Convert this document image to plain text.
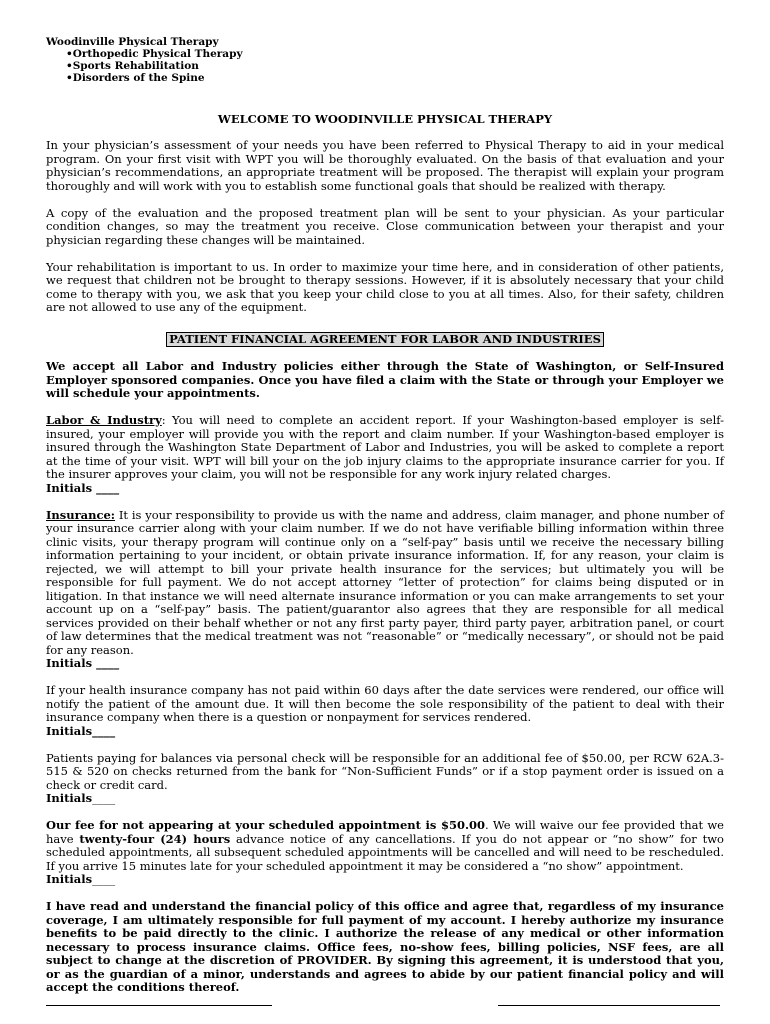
Woodinville Physical Therapy
•Orthopedic Physical Therapy
•Sports Rehabilitation
•Disorders of the Spine
WELCOME TO WOODINVILLE PHYSICAL THERAPY

In your physician’s assessment of your needs you have been referred to Physical Therapy to aid in your medical program. On your first visit with WPT you will be thoroughly evaluated. On the basis of that evaluation and your physician’s recommendations, an appropriate treatment will be proposed. The therapist will explain your program thoroughly and will work with you to establish some functional goals that should be realized with therapy.

A copy of the evaluation and the proposed treatment plan will be sent to your physician. As your particular condition changes, so may the treatment you receive. Close communication between your therapist and your physician regarding these changes will be maintained.

Your rehabilitation is important to us. In order to maximize your time here, and in consideration of other patients, we request that children not be brought to therapy sessions. However, if it is absolutely necessary that your child come to therapy with you, we ask that you keep your child close to you at all times. Also, for their safety, children are not allowed to use any of the equipment.

PATIENT FINANCIAL AGREEMENT FOR LABOR AND INDUSTRIES

We accept all Labor and Industry policies either through the State of Washington, or Self-Insured Employer sponsored companies. Once you have filed a claim with the State or through your Employer we will schedule your appointments.

Labor & Industry: You will need to complete an accident report. If your Washington-based employer is self-insured, your employer will provide you with the report and claim number. If your Washington-based employer is insured through the Washington State Department of Labor and Industries, you will be asked to complete a report at the time of your visit. WPT will bill your on the job injury claims to the appropriate insurance carrier for you. If the insurer approves your claim, you will not be responsible for any work injury related charges.
Initials ____

Insurance: It is your responsibility to provide us with the name and address, claim manager, and phone number of your insurance carrier along with your claim number. If we do not have verifiable billing information within three clinic visits, your therapy program will continue only on a “self-pay” basis until we receive the necessary billing information pertaining to your incident, or obtain private insurance information. If, for any reason, your claim is rejected, we will attempt to bill your private health insurance for the services; but ultimately you will be responsible for full payment. We do not accept attorney “letter of protection” for claims being disputed or in litigation. In that instance we will need alternate insurance information or you can make arrangements to set your account up on a “self-pay” basis. The patient/guarantor also agrees that they are responsible for all medical services provided on their behalf whether or not any first party payer, third party payer, arbitration panel, or court of law determines that the medical treatment was not “reasonable” or “medically necessary”, or should not be paid for any reason.
Initials ____

If your health insurance company has not paid within 60 days after the date services were rendered, our office will notify the patient of the amount due. It will then become the sole responsibility of the patient to deal with their insurance company when there is a question or nonpayment for services rendered.
Initials____

Patients paying for balances via personal check will be responsible for an additional fee of $50.00, per RCW 62A.3-515 & 520 on checks returned from the bank for “Non-Sufficient Funds” or if a stop payment order is issued on a check or credit card.
Initials____

Our fee for not appearing at your scheduled appointment is $50.00. We will waive our fee provided that we have twenty-four (24) hours advance notice of any cancellations. If you do not appear or “no show” for two scheduled appointments, all subsequent scheduled appointments will be cancelled and will need to be rescheduled. If you arrive 15 minutes late for your scheduled appointment it may be considered a “no show” appointment.
Initials____

I have read and understand the financial policy of this office and agree that, regardless of my insurance coverage, I am ultimately responsible for full payment of my account. I hereby authorize my insurance benefits to be paid directly to the clinic. I authorize the release of any medical or other information necessary to process insurance claims. Office fees, no-show fees, billing policies, NSF fees, are all subject to change at the discretion of PROVIDER. By signing this agreement, it is understood that you, or as the guardian of a minor, understands and agrees to abide by our patient financial policy and will accept the conditions thereof.
